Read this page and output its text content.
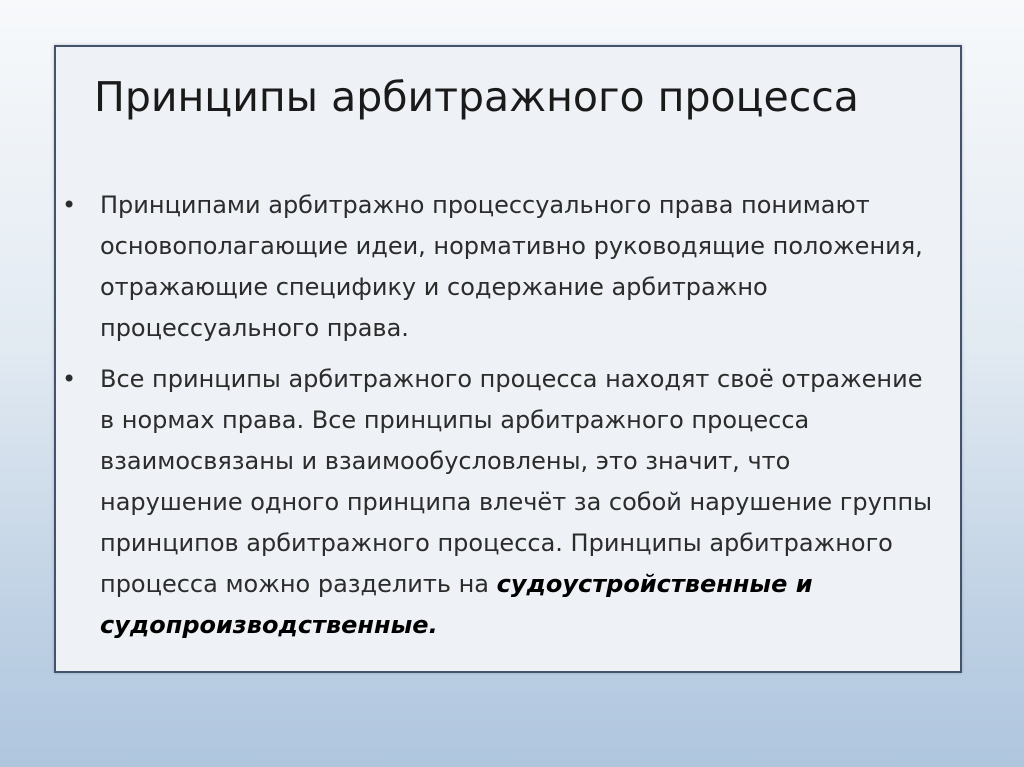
Принципы арбитражного процесса
• Принципами арбитражно процессуального права понимают основополагающие идеи, нормативно руководящие положения, отражающие специфику и содержание арбитражно процессуального права.
• Все принципы арбитражного процесса находят своё отражение в нормах права. Все принципы арбитражного процесса взаимосвязаны и взаимообусловлены, это значит, что нарушение одного принципа влечёт за собой нарушение группы принципов арбитражного процесса. Принципы арбитражного процесса можно разделить на судоустройственные и судопроизводственные.
